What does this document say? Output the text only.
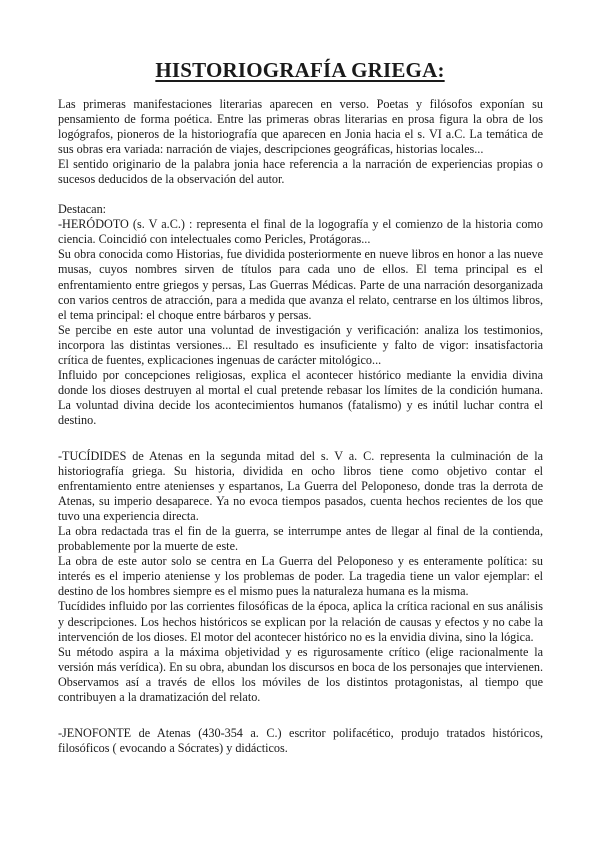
HISTORIOGRAFÍA GRIEGA:

Las primeras manifestaciones literarias aparecen en verso. Poetas y filósofos exponían su pensamiento de forma poética. Entre las primeras obras literarias en prosa figura la obra de los logógrafos, pioneros de la historiografía que aparecen en Jonia hacia el s. VI a.C. La temática de sus obras era variada: narración de viajes, descripciones geográficas, historias locales...

El sentido originario de la palabra jonia hace referencia a la narración de experiencias propias o sucesos deducidos de la observación del autor.

Destacan:

-HERÓDOTO (s. V a.C.) : representa el final de la logografía y el comienzo de la historia como ciencia. Coincidió con intelectuales como Pericles, Protágoras...

Su obra conocida como Historias, fue dividida posteriormente en nueve libros en honor a las nueve musas, cuyos nombres sirven de títulos para cada uno de ellos. El tema principal es el enfrentamiento entre griegos y persas, Las Guerras Médicas. Parte de una narración desorganizada con varios centros de atracción, para a medida que avanza el relato, centrarse en los últimos libros, el tema principal: el choque entre bárbaros y persas.

Se percibe en este autor una voluntad de investigación y verificación: analiza los testimonios, incorpora las distintas versiones... El resultado es insuficiente y falto de vigor: insatisfactoria crítica de fuentes, explicaciones ingenuas de carácter mitológico...

Influido por concepciones religiosas, explica el acontecer histórico mediante la envidia divina donde los dioses destruyen al mortal el cual pretende rebasar los límites de la condición humana. La voluntad divina decide los acontecimientos humanos (fatalismo) y es inútil luchar contra el destino.

-TUCÍDIDES de Atenas en la segunda mitad del s. V a. C. representa la culminación de la historiografía griega. Su historia, dividida en ocho libros tiene como objetivo contar el enfrentamiento entre atenienses y espartanos, La Guerra del Peloponeso, donde tras la derrota de Atenas, su imperio desaparece. Ya no evoca tiempos pasados, cuenta hechos recientes de los que tuvo una experiencia directa.

La obra redactada tras el fin de la guerra, se interrumpe antes de llegar al final de la contienda, probablemente por la muerte de este.

La obra de este autor solo se centra en La Guerra del Peloponeso y es enteramente política: su interés es el imperio ateniense y los problemas de poder. La tragedia tiene un valor ejemplar: el destino de los hombres siempre es el mismo pues la naturaleza humana es la misma.

Tucídides influido por las corrientes filosóficas de la época, aplica la crítica racional en sus análisis y descripciones. Los hechos históricos se explican por la relación de causas y efectos y no cabe la intervención de los dioses. El motor del acontecer histórico no es la envidia divina, sino la lógica.

Su método aspira a la máxima objetividad y es rigurosamente crítico (elige racionalmente la versión más verídica). En su obra, abundan los discursos en boca de los personajes que intervienen. Observamos así a través de ellos los móviles de los distintos protagonistas, al tiempo que contribuyen a la dramatización del relato.

-JENOFONTE de Atenas (430-354 a. C.) escritor polifacético, produjo tratados históricos, filosóficos ( evocando a Sócrates) y didácticos.
